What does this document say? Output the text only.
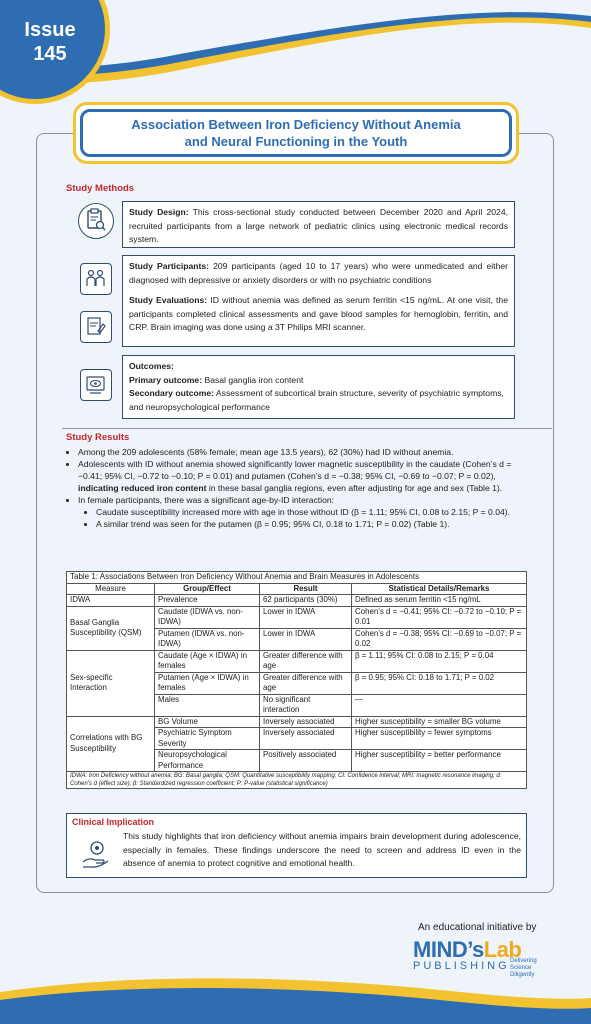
Issue
145
Association Between Iron Deficiency Without Anemia
and Neural Functioning in the Youth
Study Methods
Study Design: This cross-sectional study conducted between December 2020 and April 2024, recruited participants from a large network of pediatric clinics using electronic medical records system.
Study Participants: 209 participants (aged 10 to 17 years) who were unmedicated and either diagnosed with depressive or anxiety disorders or with no psychiatric conditions
Study Evaluations: ID without anemia was defined as serum ferritin <15 ng/mL. At one visit, the participants completed clinical assessments and gave blood samples for hemoglobin, ferritin, and CRP. Brain imaging was done using a 3T Philips MRI scanner.
Outcomes:
Primary outcome: Basal ganglia iron content
Secondary outcome: Assessment of subcortical brain structure, severity of psychiatric symptoms, and neuropsychological performance
Study Results
• Among the 209 adolescents (58% female; mean age 13.5 years), 62 (30%) had ID without anemia.
• Adolescents with ID without anemia showed significantly lower magnetic susceptibility in the caudate (Cohen’s d = −0.41; 95% CI, −0.72 to −0.10; P = 0.01) and putamen (Cohen’s d = −0.38; 95% CI, −0.69 to −0.07; P = 0.02), indicating reduced iron content in these basal ganglia regions, even after adjusting for age and sex (Table 1).
• In female participants, there was a significant age-by-ID interaction:
• Caudate susceptibility increased more with age in those without ID (β = 1.11; 95% CI, 0.08 to 2.15; P = 0.04).
• A similar trend was seen for the putamen (β = 0.95; 95% CI, 0.18 to 1.71; P = 0.02) (Table 1).
Table 1: Associations Between Iron Deficiency Without Anemia and Brain Measures in Adolescents			
Measure	Group/Effect	Result	Statistical Details/Remarks
IDWA	Prevalence	62 participants (30%)	Defined as serum ferritin <15 ng/mL
Basal Ganglia Susceptibility (QSM)	Caudate (IDWA vs. non-IDWA)	Lower in IDWA	Cohen’s d = −0.41; 95% CI: −0.72 to −0.10; P = 0.01
	Putamen (IDWA vs. non-IDWA)	Lower in IDWA	Cohen’s d = −0.38; 95% CI: −0.69 to −0.07; P = 0.02
Sex-specific Interaction	Caudate (Age × IDWA) in females	Greater difference with age	β = 1.11; 95% CI: 0.08 to 2.15; P = 0.04
	Putamen (Age × IDWA) in females	Greater difference with age	β = 0.95; 95% CI: 0.18 to 1.71; P = 0.02
	Males	No significant interaction	—
Correlations with BG Susceptibility	BG Volume	Inversely associated	Higher susceptibility = smaller BG volume
	Psychiatric Symptom Severity	Inversely associated	Higher susceptibility = fewer symptoms
	Neuropsychological Performance	Positively associated	Higher susceptibility = better performance
IDWA: Iron Deficiency without anemia; BG: Basal ganglia; QSM: Quantitative susceptibility mapping; CI: Confidence interval; MRI: magnetic resonance imaging; d: Cohen’s d (effect size); β: Standardized regression coefficient; P: P-value (statistical significance)			
Clinical Implication
This study highlights that iron deficiency without anemia impairs brain development during adolescence, especially in females. These findings underscore the need to screen and address ID even in the absence of anemia to protect cognitive and emotional health.
An educational initiative by
MIND’sLab
PUBLISHING Delivering
Science
Diligently
